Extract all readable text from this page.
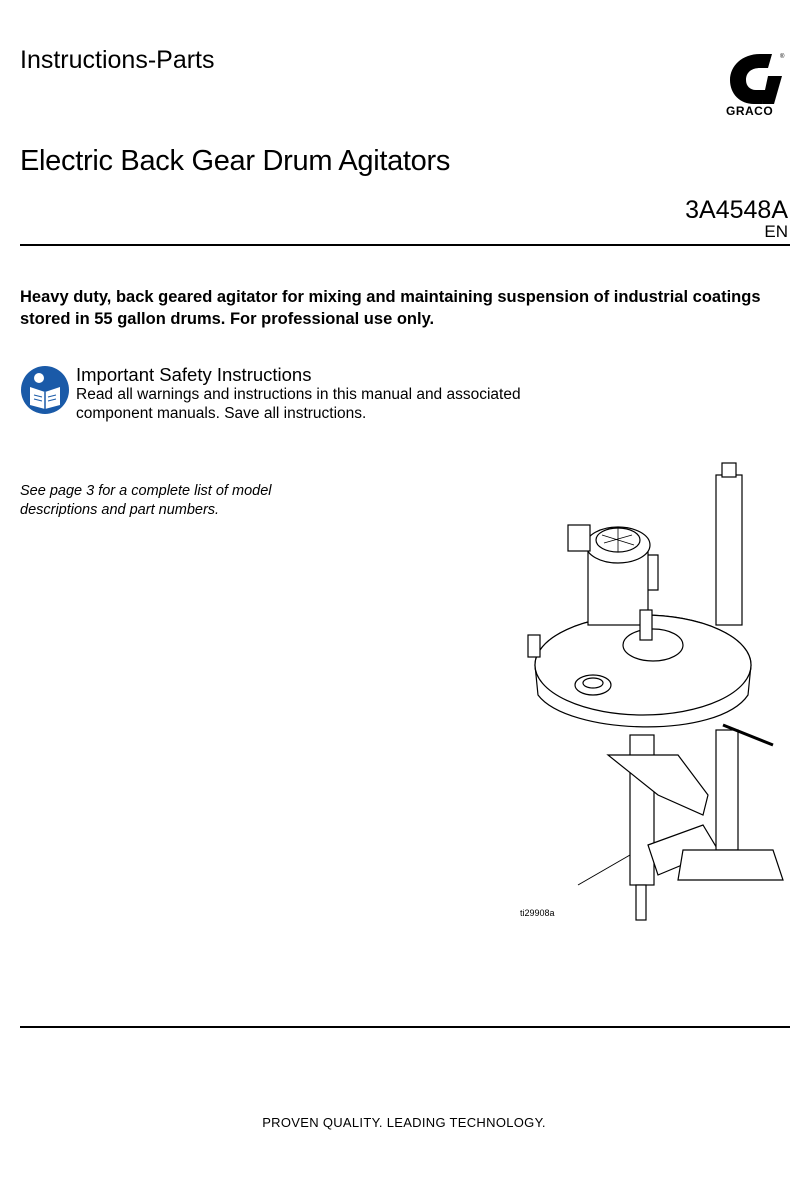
Instructions-Parts	®
GRACO
Electric Back Gear Drum Agitators
3A4548A
EN
Heavy duty, back geared agitator for mixing and maintaining suspension of industrial coatings stored in 55 gallon drums. For professional use only.
Important Safety Instructions
Read all warnings and instructions in this manual and associated component manuals. Save all instructions.
See page 3 for a complete list of model descriptions and part numbers.
ti29908a
PROVEN QUALITY. LEADING TECHNOLOGY.
